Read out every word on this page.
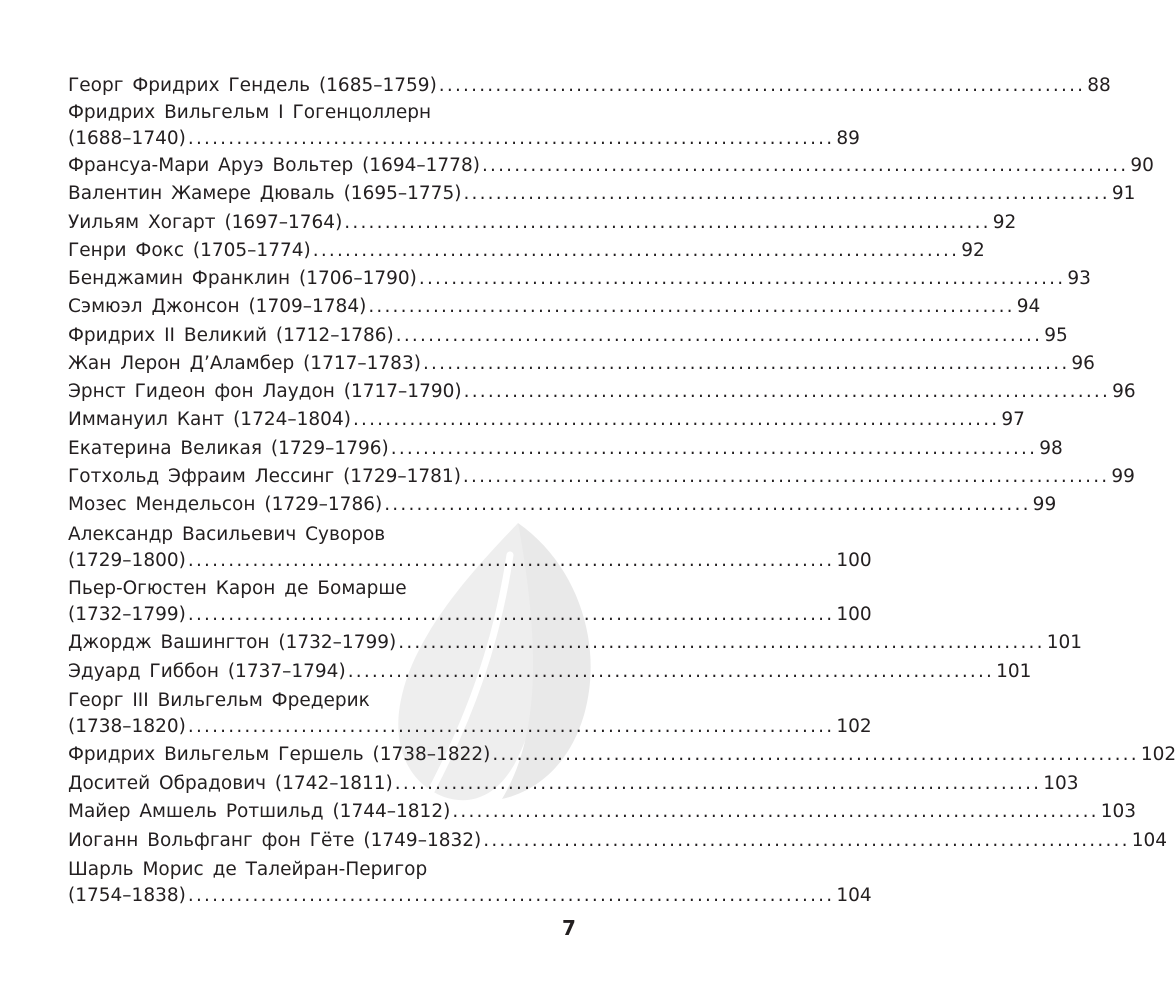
Георг Фридрих Гендель (1685–1759) ................................................................................ 88
Фридрих Вильгельм I Гогенцоллерн
(1688–1740) ................................................................................ 89
Франсуа-Мари Аруэ Вольтер (1694–1778) ................................................................................ 90
Валентин Жамере Дюваль (1695–1775) ................................................................................ 91
Уильям Хогарт (1697–1764) ................................................................................ 92
Генри Фокс (1705–1774) ................................................................................ 92
Бенджамин Франклин (1706–1790) ................................................................................ 93
Сэмюэл Джонсон (1709–1784) ................................................................................ 94
Фридрих II Великий (1712–1786) ................................................................................ 95
Жан Лерон Д’Аламбер (1717–1783) ................................................................................ 96
Эрнст Гидеон фон Лаудон (1717–1790) ................................................................................ 96
Иммануил Кант (1724–1804) ................................................................................ 97
Екатерина Великая (1729–1796) ................................................................................ 98
Готхольд Эфраим Лессинг (1729–1781) ................................................................................ 99
Мозес Мендельсон (1729–1786) ................................................................................ 99
Александр Васильевич Суворов
(1729–1800) ................................................................................ 100
Пьер-Огюстен Карон де Бомарше
(1732–1799) ................................................................................ 100
Джордж Вашингтон (1732–1799) ................................................................................ 101
Эдуард Гиббон (1737–1794) ................................................................................ 101
Георг III Вильгельм Фредерик
(1738–1820) ................................................................................ 102
Фридрих Вильгельм Гершель (1738–1822) ................................................................................ 102
Доситей Обрадович (1742–1811) ................................................................................ 103
Майер Амшель Ротшильд (1744–1812) ................................................................................ 103
Иоганн Вольфганг фон Гёте (1749–1832) ................................................................................ 104
Шарль Морис де Талейран-Перигор
(1754–1838) ................................................................................ 104
7
